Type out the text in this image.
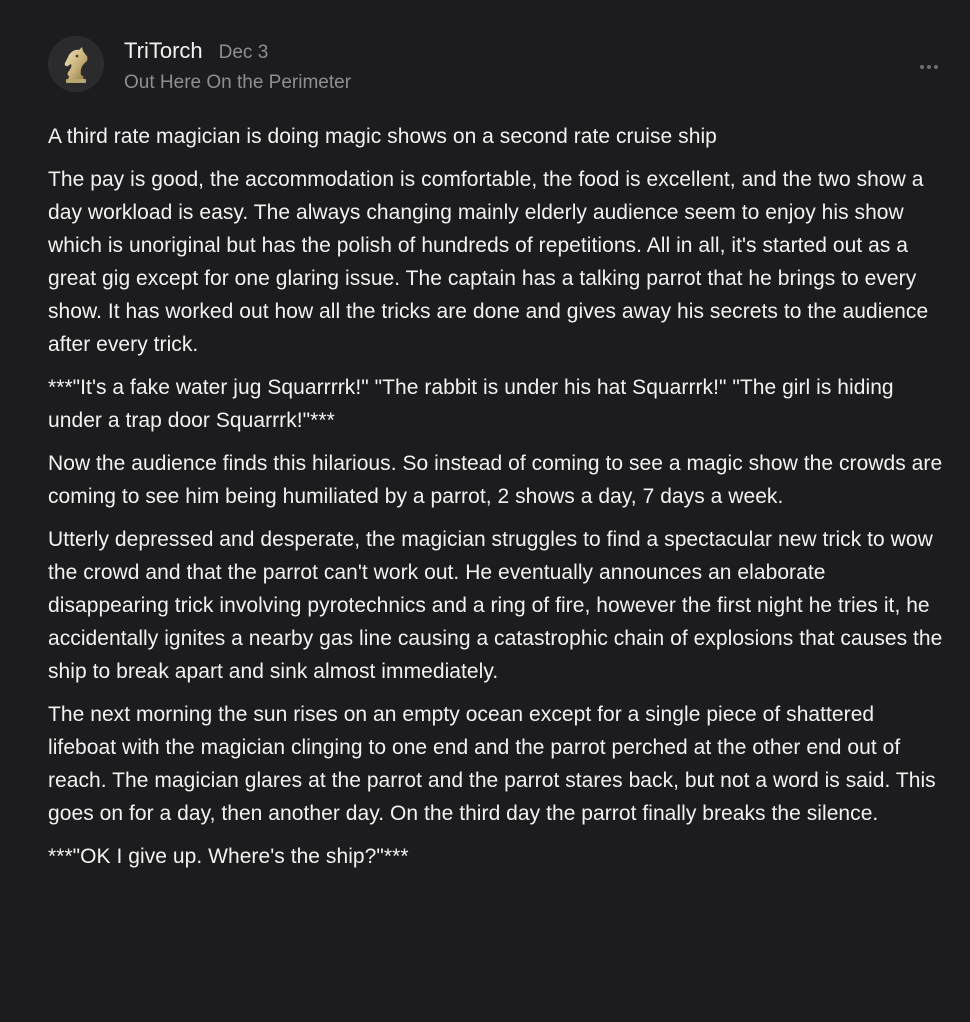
TriTorch Dec 3
Out Here On the Perimeter

A third rate magician is doing magic shows on a second rate cruise ship

The pay is good, the accommodation is comfortable, the food is excellent, and the two show a day workload is easy. The always changing mainly elderly audience seem to enjoy his show which is unoriginal but has the polish of hundreds of repetitions. All in all, it's started out as a great gig except for one glaring issue. The captain has a talking parrot that he brings to every show. It has worked out how all the tricks are done and gives away his secrets to the audience after every trick.

***"It's a fake water jug Squarrrrk!" "The rabbit is under his hat Squarrrk!" "The girl is hiding under a trap door Squarrrk!"***

Now the audience finds this hilarious. So instead of coming to see a magic show the crowds are coming to see him being humiliated by a parrot, 2 shows a day, 7 days a week.

Utterly depressed and desperate, the magician struggles to find a spectacular new trick to wow the crowd and that the parrot can't work out. He eventually announces an elaborate disappearing trick involving pyrotechnics and a ring of fire, however the first night he tries it, he accidentally ignites a nearby gas line causing a catastrophic chain of explosions that causes the ship to break apart and sink almost immediately.

The next morning the sun rises on an empty ocean except for a single piece of shattered lifeboat with the magician clinging to one end and the parrot perched at the other end out of reach. The magician glares at the parrot and the parrot stares back, but not a word is said. This goes on for a day, then another day. On the third day the parrot finally breaks the silence.

***"OK I give up. Where's the ship?"***
